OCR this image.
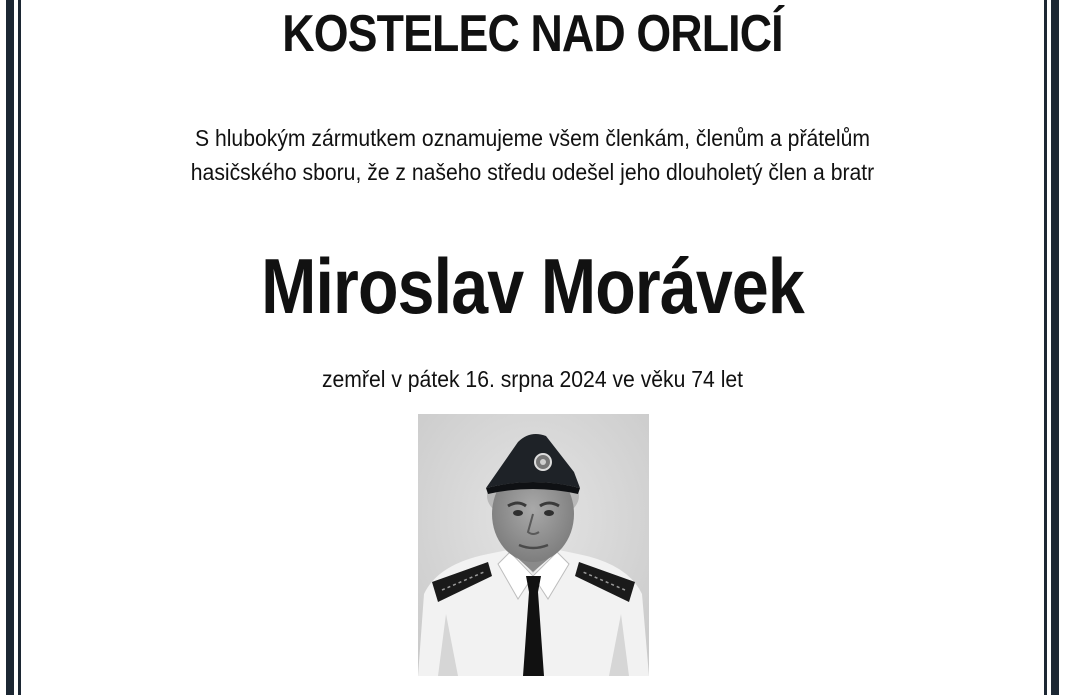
KOSTELEC NAD ORLICÍ
S hlubokým zármutkem oznamujeme všem členkám, členům a přátelům
hasičského sboru, že z našeho středu odešel jeho dlouholetý člen a bratr
Miroslav Morávek
zemřel v pátek 16. srpna 2024 ve věku 74 let
